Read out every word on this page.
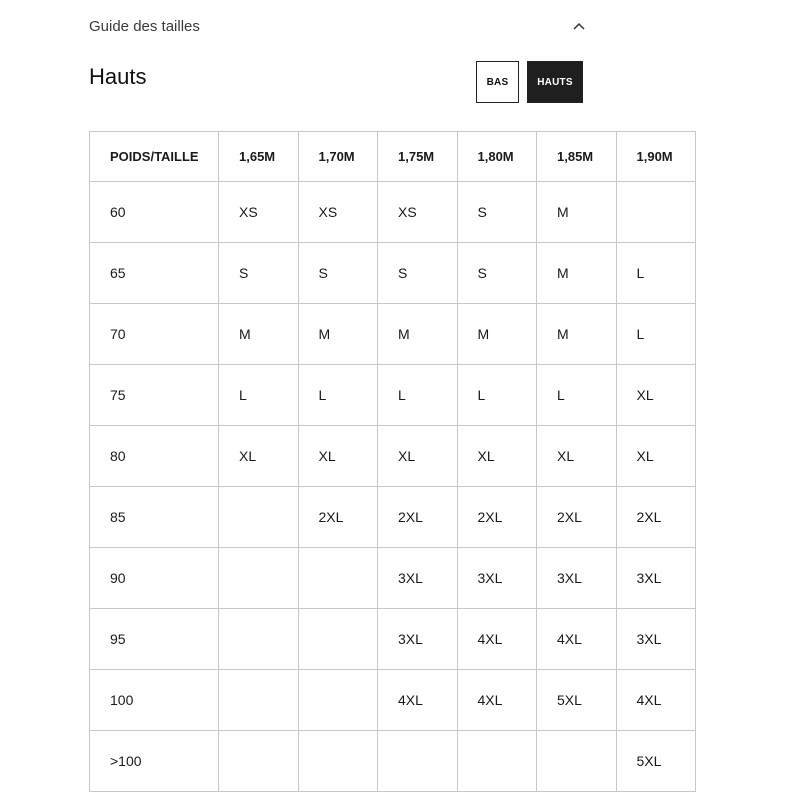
Guide des tailles
Hauts	BAS	HAUTS
POIDS/TAILLE	1,65M	1,70M	1,75M	1,80M	1,85M	1,90M
60	XS	XS	XS	S	M	
65	S	S	S	S	M	L
70	M	M	M	M	M	L
75	L	L	L	L	L	XL
80	XL	XL	XL	XL	XL	XL
85		2XL	2XL	2XL	2XL	2XL
90			3XL	3XL	3XL	3XL
95			3XL	4XL	4XL	3XL
100			4XL	4XL	5XL	4XL
>100						5XL
